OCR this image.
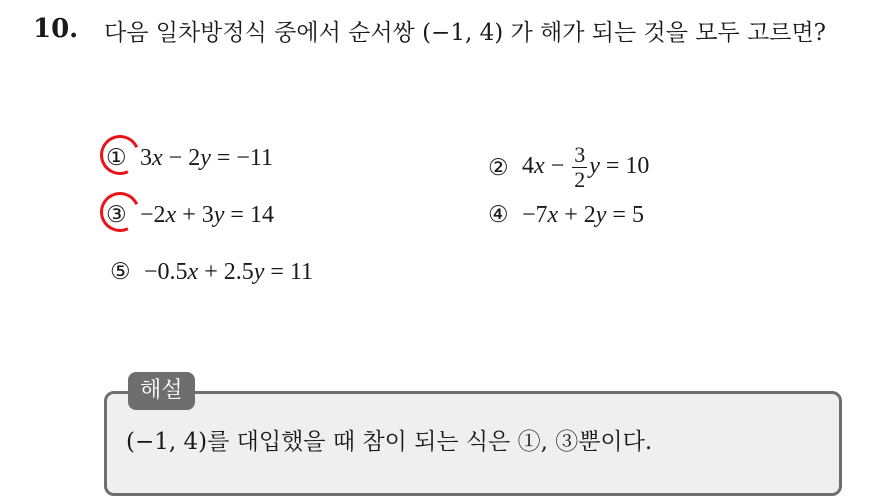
10. 다음 일차방정식 중에서 순서쌍 (−1, 4) 가 해가 되는 것을 모두 고르면?
① 3x − 2y = −11	② $4x - \frac{3}{2}$ y = 10
③ −2x + 3y = 14	④ −7x + 2y = 5
⑤ −0.5x + 2.5y = 11
해설
(−1, 4)를 대입했을 때 참이 되는 식은 ①, ③뿐이다.
